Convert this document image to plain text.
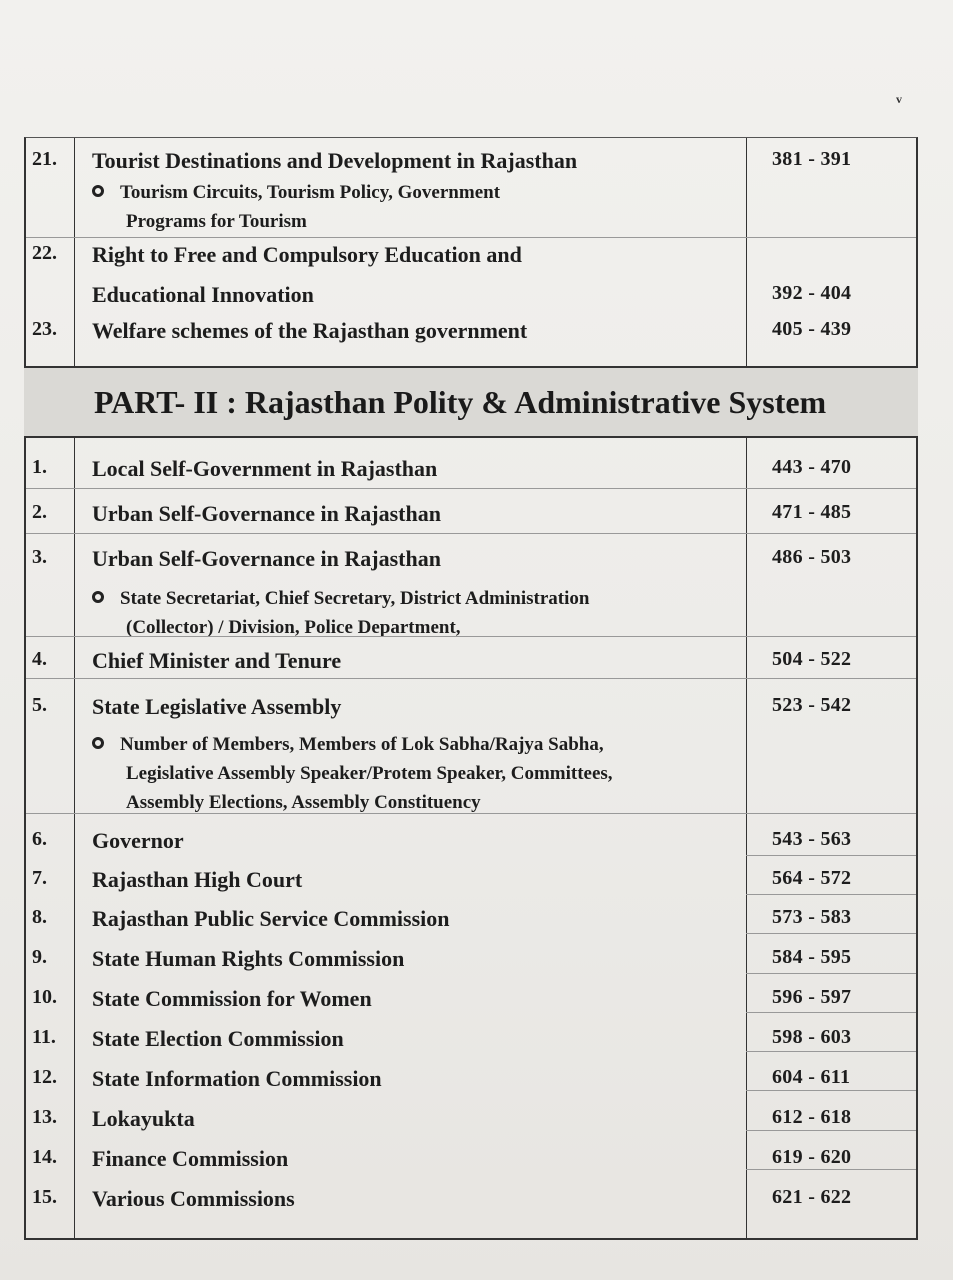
v
21. Tourist Destinations and Development in Rajasthan	381 - 391
Tourism Circuits, Tourism Policy, Government
Programs for Tourism
22. Right to Free and Compulsory Education and
Educational Innovation	392 - 404
23. Welfare schemes of the Rajasthan government	405 - 439
PART- II : Rajasthan Polity & Administrative System
1. Local Self-Government in Rajasthan	443 - 470
2. Urban Self-Governance in Rajasthan	471 - 485
3. Urban Self-Governance in Rajasthan	486 - 503
State Secretariat, Chief Secretary, District Administration
(Collector) / Division, Police Department,
4. Chief Minister and Tenure	504 - 522
5. State Legislative Assembly	523 - 542
Number of Members, Members of Lok Sabha/Rajya Sabha,
Legislative Assembly Speaker/Protem Speaker, Committees,
Assembly Elections, Assembly Constituency
6. Governor	543 - 563
7. Rajasthan High Court	564 - 572
8. Rajasthan Public Service Commission	573 - 583
9. State Human Rights Commission	584 - 595
10. State Commission for Women	596 - 597
11. State Election Commission	598 - 603
12. State Information Commission	604 - 611
13. Lokayukta	612 - 618
14. Finance Commission	619 - 620
15. Various Commissions	621 - 622
